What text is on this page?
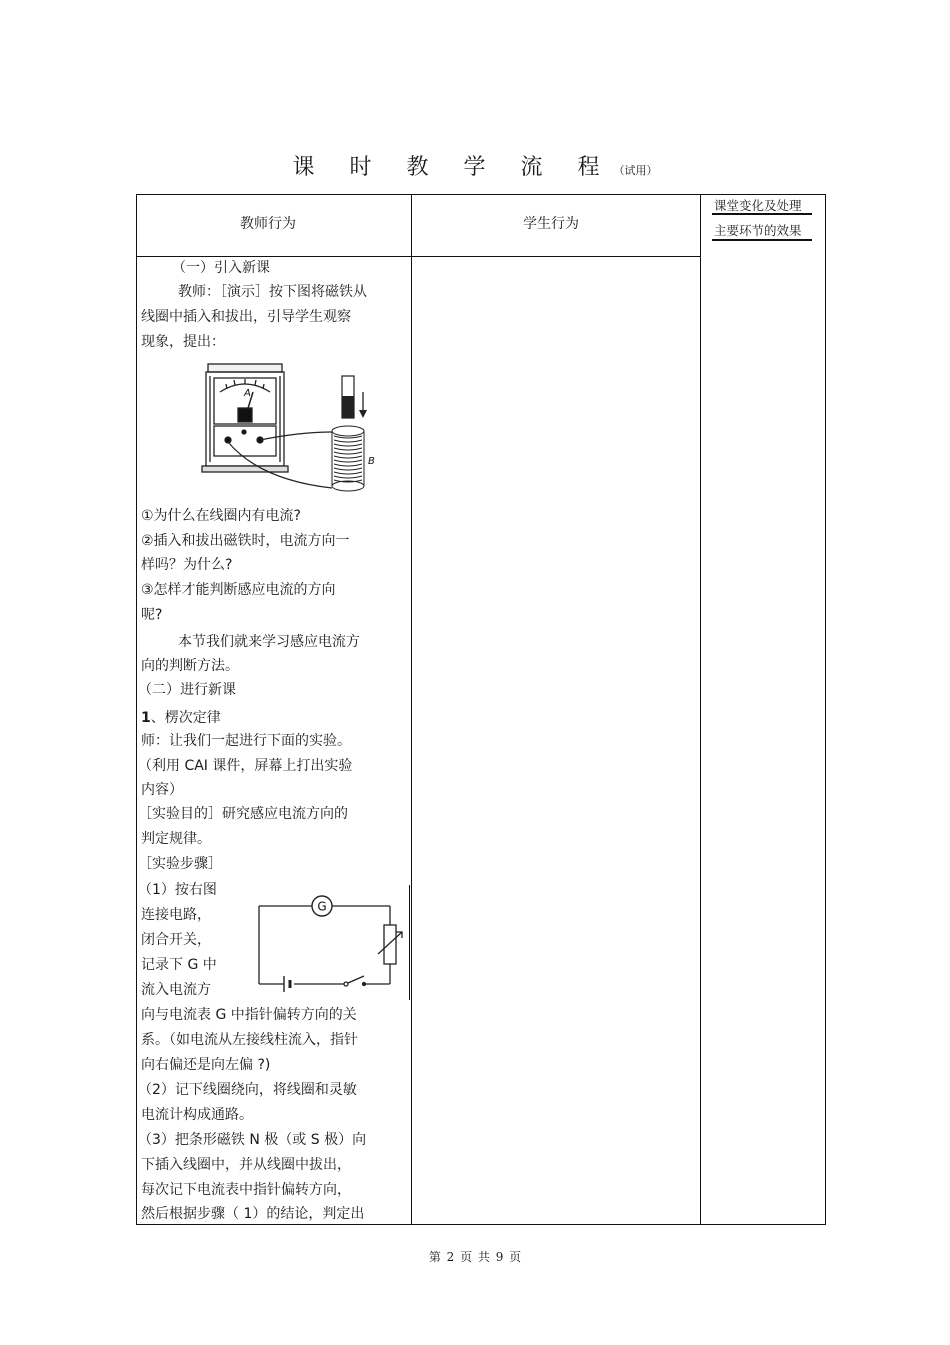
课 时 教 学 流 程（试用）
教师行为	学生行为
课堂变化及处理
主要环节的效果
（一）引入新课
教师：［演示］按下图将磁铁从
线圈中插入和拔出，引导学生观察
现象，提出：
A
B
①为什么在线圈内有电流?
②插入和拔出磁铁时，电流方向一
样吗？为什么?
③怎样才能判断感应电流的方向
呢?
本节我们就来学习感应电流方
向的判断方法。
（二）进行新课
1、楞次定律
师：让我们一起进行下面的实验。
（利用 CAI 课件，屏幕上打出实验
内容）
［实验目的］研究感应电流方向的
判定规律。
［实验步骤］
（1）按右图
连接电路，
闭合开关，
记录下 G 中
流入电流方
G
向与电流表 G 中指针偏转方向的关
系。（如电流从左接线柱流入，指针
向右偏还是向左偏 ?)
（2）记下线圈绕向，将线圈和灵敏
电流计构成通路。
（3）把条形磁铁 N 极（或 S 极）向
下插入线圈中，并从线圈中拔出，
每次记下电流表中指针偏转方向，
然后根据步骤（ 1）的结论，判定出
第 2 页 共 9 页
